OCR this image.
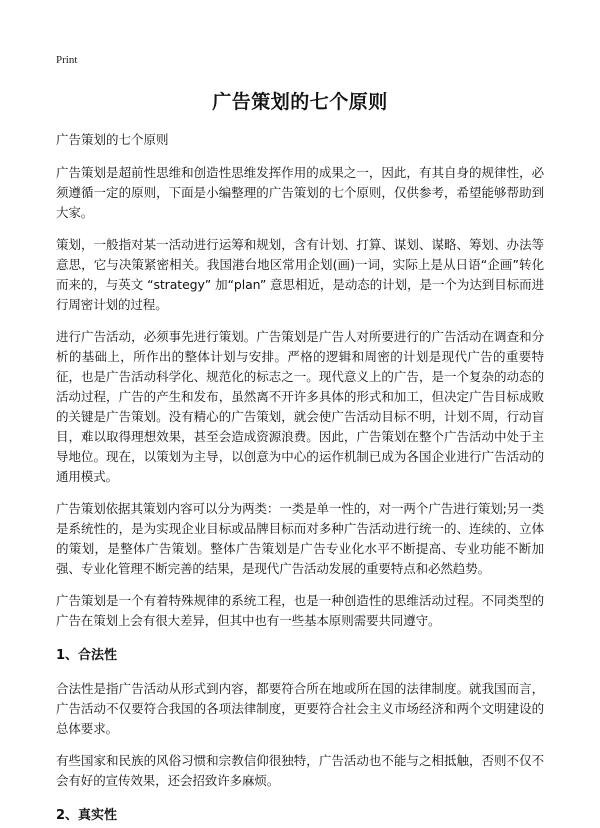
Print
广告策划的七个原则
广告策划的七个原则

广告策划是超前性思维和创造性思维发挥作用的成果之一，因此，有其自身的规律性，必须遵循一定的原则，下面是小编整理的广告策划的七个原则，仅供参考，希望能够帮助到大家。

策划，一般指对某一活动进行运筹和规划，含有计划、打算、谋划、谋略、筹划、办法等意思，它与决策紧密相关。我国港台地区常用企划(画)一词，实际上是从日语“企画”转化而来的，与英文 “strategy” 加“plan” 意思相近，是动态的计划，是一个为达到目标而进行周密计划的过程。

进行广告活动，必须事先进行策划。广告策划是广告人对所要进行的广告活动在调查和分析的基础上，所作出的整体计划与安排。严格的逻辑和周密的计划是现代广告的重要特征，也是广告活动科学化、规范化的标志之一。现代意义上的广告，是一个复杂的动态的活动过程，广告的产生和发布，虽然离不开许多具体的形式和加工，但决定广告目标成败的关键是广告策划。没有精心的广告策划，就会使广告活动目标不明，计划不周，行动盲目，难以取得理想效果，甚至会造成资源浪费。因此，广告策划在整个广告活动中处于主导地位。现在，以策划为主导，以创意为中心的运作机制已成为各国企业进行广告活动的通用模式。

广告策划依据其策划内容可以分为两类：一类是单一性的，对一两个广告进行策划;另一类是系统性的，是为实现企业目标或品牌目标而对多种广告活动进行统一的、连续的、立体的策划，是整体广告策划。整体广告策划是广告专业化水平不断提高、专业功能不断加强、专业化管理不断完善的结果，是现代广告活动发展的重要特点和必然趋势。

广告策划是一个有着特殊规律的系统工程，也是一种创造性的思维活动过程。不同类型的广告在策划上会有很大差异，但其中也有一些基本原则需要共同遵守。

1、合法性

合法性是指广告活动从形式到内容，都要符合所在地或所在国的法律制度。就我国而言，广告活动不仅要符合我国的各项法律制度，更要符合社会主义市场经济和两个文明建设的总体要求。

有些国家和民族的风俗习惯和宗教信仰很独特，广告活动也不能与之相抵触，否则不仅不会有好的宣传效果，还会招致许多麻烦。

2、真实性
